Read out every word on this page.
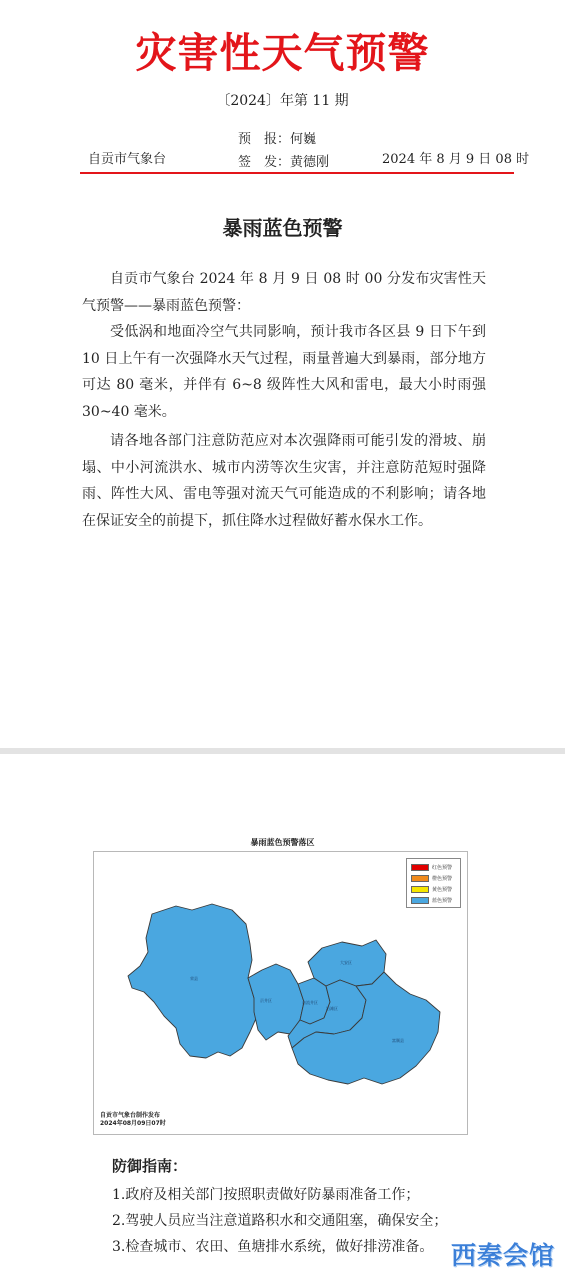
灾害性天气预警
〔2024〕年第 11 期
预　报：何巍
自贡市气象台	签　发：黄德刚	2024 年 8 月 9 日 08 时
暴雨蓝色预警

自贡市气象台 2024 年 8 月 9 日 08 时 00 分发布灾害性天气预警——暴雨蓝色预警：

受低涡和地面冷空气共同影响，预计我市各区县 9 日下午到 10 日上午有一次强降水天气过程，雨量普遍大到暴雨，部分地方可达 80 毫米，并伴有 6~8 级阵性大风和雷电，最大小时雨强 30~40 毫米。

请各地各部门注意防范应对本次强降雨可能引发的滑坡、崩塌、中小河流洪水、城市内涝等次生灾害，并注意防范短时强降雨、阵性大风、雷电等强对流天气可能造成的不利影响；请各地在保证安全的前提下，抓住降水过程做好蓄水保水工作。

暴雨蓝色预警落区
荣县
贡井区	自流井区
大安区
沿滩区
富顺县
红色预警
橙色预警
黄色预警
蓝色预警
自贡市气象台制作发布
2024年08月09日07时
防御指南：
1.政府及相关部门按照职责做好防暴雨准备工作；
2.驾驶人员应当注意道路积水和交通阻塞，确保安全；
3.检查城市、农田、鱼塘排水系统，做好排涝准备。 西秦会馆
